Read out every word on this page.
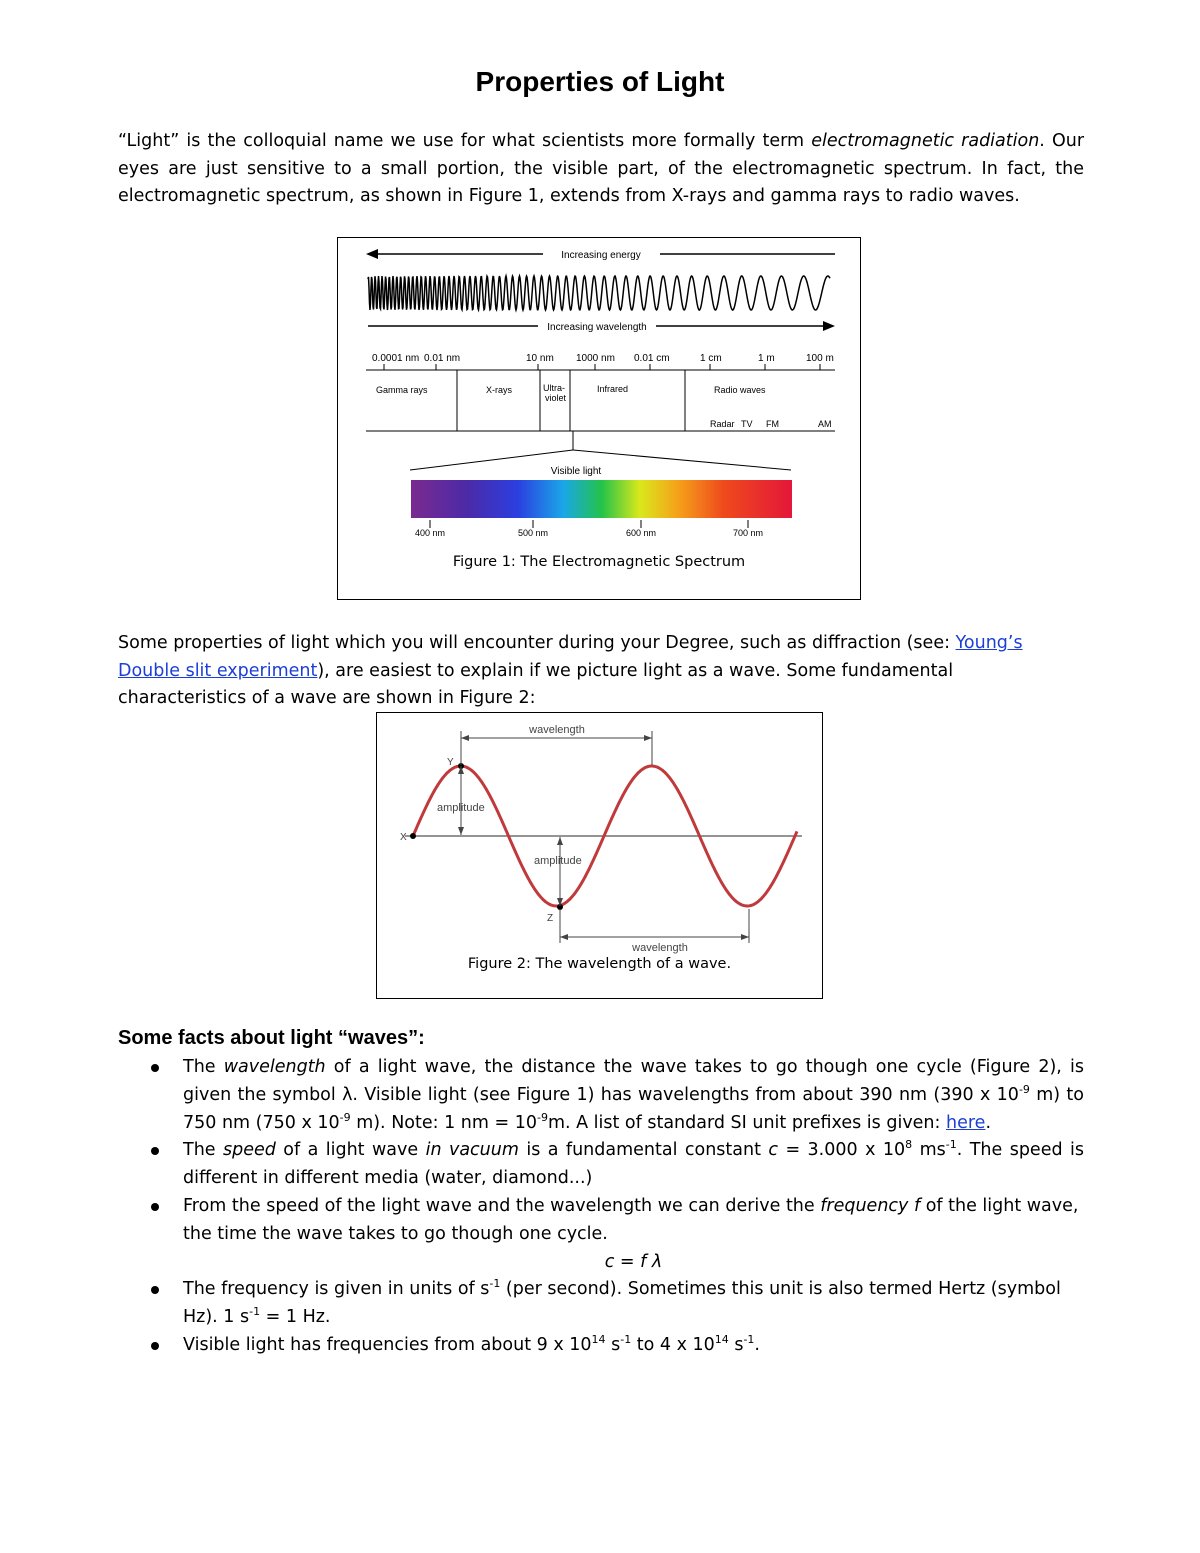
Properties of Light

“Light” is the colloquial name we use for what scientists more formally term electromagnetic radiation. Our eyes are just sensitive to a small portion, the visible part, of the electromagnetic spectrum. In fact, the electromagnetic spectrum, as shown in Figure 1, extends from X-rays and gamma rays to radio waves.

Increasing energy
Increasing wavelength
0.0001 nm 0.01 nm	10 nm 1000 nm 0.01 cm	1 cm	1 m	100 m
Gamma rays	X-rays	Ultra-
violet
Infrared	Radio waves
Radar TV FM	AM
Visible light
400 nm	500 nm	600 nm	700 nm
Figure 1: The Electromagnetic Spectrum

Some properties of light which you will encounter during your Degree, such as diffraction (see: Young’s Double slit experiment), are easiest to explain if we picture light as a wave. Some fundamental characteristics of a wave are shown in Figure 2:

wavelength
amplitude
amplitude
wavelength
X
Y
Z
Figure 2: The wavelength of a wave.
Some facts about light “waves”:
The wavelength of a light wave, the distance the wave takes to go though one cycle (Figure 2), is given the symbol λ. Visible light (see Figure 1) has wavelengths from about 390 nm (390 x $10^{-9}$ m) to 750 nm (750 x $10^{-9}$ m). Note: 1 nm = $10^{-9}m$. A list of standard SI unit prefixes is given: here.
The speed of a light wave in vacuum is a fundamental constant c = 3.000 x $10^8$ $ms^{-1}$. The speed is different in different media (water, diamond...)
From the speed of the light wave and the wavelength we can derive the frequency f of the light wave, the time the wave takes to go though one cycle.
c = f λ
The frequency is given in units of $s^{-1}$ (per second). Sometimes this unit is also termed Hertz (symbol Hz). 1 $s^{-1} = 1$ Hz.
Visible light has frequencies from about 9 x $10^{14}$ $s^{-1}$ to 4 x $10^{14}$ $s^{-1}$.
